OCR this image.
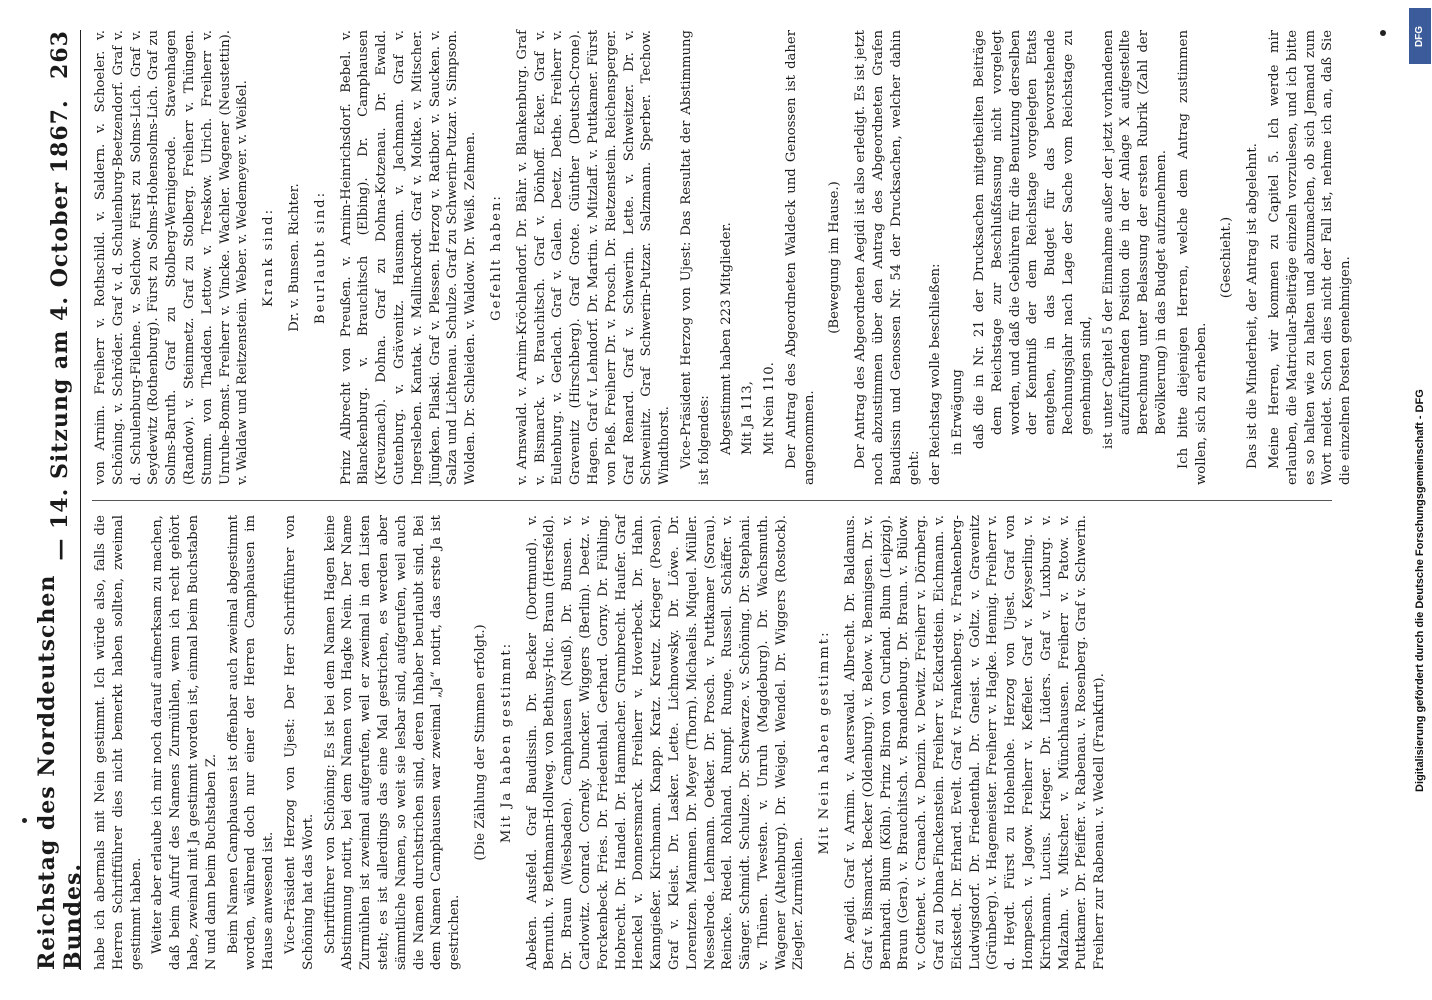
Reichstag des Norddeutschen Bundes.
— 14. Sitzung am 4. October 1867.
263

habe ich abermals mit Nein gestimmt. Ich würde also, falls die Herren Schriftführer dies nicht bemerkt haben sollten, zweimal gestimmt haben. Weiter aber erlaube ich mir noch darauf aufmerksam zu machen, daß beim Aufruf des Namens Zurmühlen, wenn ich recht gehört habe, zweimal mit Ja gestimmt worden ist, einmal beim Buchstaben N und dann beim Buchstaben Z. Beim Namen Camphausen ist offenbar auch zweimal abgestimmt worden, während doch nur einer der Herren Camphausen im Hause anwesend ist. Vice-Präsident Herzog von Ujest: Der Herr Schriftführer von Schöning hat das Wort. Schriftführer von Schöning: Es ist bei dem Namen Hagen keine Abstimmung notirt, bei dem Namen von Hagke Nein. Der Name Zurmühlen ist zweimal aufgerufen, weil er zweimal in den Listen steht; es ist allerdings das eine Mal gestrichen, es werden aber sämmtliche Namen, so weit sie lesbar sind, aufgerufen, weil auch die Namen durchstrichen sind, deren Inhaber beurlaubt sind. Bei dem Namen Camphausen war zweimal „Ja“ notirt, das erste Ja ist gestrichen.

(Die Zählung der Stimmen erfolgt.) Mit Ja haben gestimmt: Abeken. Ausfeld. Graf Baudissin. Dr. Becker (Dortmund). v. Bernuth. v. Bethmann-Hollweg. von Bethusy-Huc. Braun (Hersfeld). Dr. Braun (Wiesbaden). Camphausen (Neuß). Dr. Bunsen. v. Carlowitz. Conrad. Cornely. Duncker. Wiggers (Berlin). Deetz. v. Forckenbeck. Fries. Dr. Friedenthal. Gerhard. Gorny. Dr. Fühling. Hobrecht. Dr. Handel. Dr. Hammacher. Grumbrecht. Haufer. Graf Henckel v. Donnersmarck. Freiherr v. Hoverbeck. Dr. Hahn. Kanngießer. Kirchmann. Knapp. Kratz. Kreutz. Krieger (Posen). Graf v. Kleist. Dr. Lasker. Lette. Lichnowsky. Dr. Löwe. Dr. Lorentzen. Mammen. Dr. Meyer (Thorn). Michaelis. Miquel. Müller. Nesselrode. Lehmann. Oetker. Dr. Prosch. v. Puttkamer (Sorau). Reincke. Riedel. Rohland. Rumpf. Runge. Russell. Schäffer. v. Sänger. Schmidt. Schulze. Dr. Schwarze. v. Schöning. Dr. Stephani. v. Thünen. Twesten. v. Unruh (Magdeburg). Dr. Wachsmuth. Wagener (Altenburg). Dr. Weigel. Wendel. Dr. Wiggers (Rostock). Ziegler. Zurmühlen.

Mit Nein haben gestimmt: Dr. Aegidi. Graf v. Arnim. v. Auerswald. Albrecht. Dr. Baldamus. Graf v. Bismarck. Becker (Oldenburg). v. Below. v. Bennigsen. Dr. v. Bernhardi. Blum (Köln). Prinz Biron von Curland. Blum (Leipzig). Braun (Gera). v. Brauchitsch. v. Brandenburg. Dr. Braun. v. Bülow. v. Cottenet. v. Cranach. v. Denzin. v. Dewitz. Freiherr v. Dörnberg. Graf zu Dohna-Finckenstein. Freiherr v. Eckardstein. Eichmann. v. Eickstedt. Dr. Erhard. Evelt. Graf v. Frankenberg. v. Frankenberg-Ludwigsdorf. Dr. Friedenthal. Dr. Gneist. v. Goltz. v. Gravenitz (Grünberg). v. Hagemeister. Freiherr v. Hagke. Hennig. Freiherr v. d. Heydt. Fürst zu Hohenlohe. Herzog von Ujest. Graf von Hompesch. v. Jagow. Freiherr v. Keffeler. Graf v. Keyserling. v. Kirchmann. Lucius. Krieger. Dr. Lüders. Graf v. Luxburg. v. Malzahn. v. Mitscher. v. Münchhausen. Freiherr v. Patow. v. Puttkamer. Dr. Pfeiffer. v. Rabenau. v. Rosenberg. Graf v. Schwerin. Freiherr zur Rabenau. v. Wedell (Frankfurt).

von Arnim. Freiherr v. Rothschild. v. Saldern. v. Schoeler. v. Schöning. v. Schröder. Graf v. d. Schulenburg-Beetzendorf. Graf v. d. Schulenburg-Filehne. v. Selchow. Fürst zu Solms-Lich. Graf v. Seydewitz (Rothenburg). Fürst zu Solms-Hohensolms-Lich. Graf zu Solms-Baruth. Graf zu Stolberg-Wernigerode. Stavenhagen (Randow). v. Steinmetz. Graf zu Stolberg. Freiherr v. Thüngen. Stumm. von Thadden. Lettow. v. Treskow. Ulrich. Freiherr v. Unruhe-Bomst. Freiherr v. Vincke. Wachler. Wagener (Neustettin). v. Waldaw und Reitzenstein. Weber. v. Wedemeyer. v. Weißel. Krank sind: Dr. v. Bunsen. Richter. Beurlaubt sind: Prinz Albrecht von Preußen. v. Arnim-Heinrichsdorf. Bebel. v. Blanckenburg. v. Brauchitsch (Elbing). Dr. Camphausen (Kreuznach). Dohna. Graf zu Dohna-Kotzenau. Dr. Ewald. Gutenburg. v. Grävenitz. Hausmann. v. Jachmann. Graf v. Ingersleben. Kantak. v. Mallinckrodt. Graf v. Moltke. v. Mitscher. Jüngken. Pilaski. Graf v. Plessen. Herzog v. Ratibor. v. Saucken. v. Salza und Lichtenau. Schulze. Graf zu Schwerin-Putzar. v. Simpson. Wolden. Dr. Schleiden. v. Waldow. Dr. Weiß. Zehmen. Gefehlt haben: v. Arnswald. v. Arnim-Kröchlendorf. Dr. Bähr. v. Blankenburg. Graf v. Bismarck. v. Brauchitsch. Graf v. Dönhoff. Ecker. Graf v. Eulenburg. v. Gerlach. Graf v. Galen. Deetz. Dethe. Freiherr v. Gravenitz (Hirschberg). Graf Grote. Günther (Deutsch-Crone). Hagen. Graf v. Lehndorf. Dr. Martin. v. Mitzlaff. v. Puttkamer. Fürst von Pleß. Freiherr Dr. v. Prosch. Dr. Rietzenstein. Reichensperger. Graf Renard. Graf v. Schwerin. Lette. v. Schweitzer. Dr. v. Schweinitz. Graf Schwerin-Putzar. Salzmann. Sperber. Techow. Windthorst. Vice-Präsident Herzog von Ujest: Das Resultat der Abstimmung ist folgendes: Abgestimmt haben 223 Mitglieder. Mit Ja 113, Mit Nein 110. Der Antrag des Abgeordneten Waldeck und Genossen ist daher angenommen.

(Bewegung im Hause.) Der Antrag des Abgeordneten Aegidi ist also erledigt. Es ist jetzt noch abzustimmen über den Antrag des Abgeordneten Grafen Baudissin und Genossen Nr. 54 der Drucksachen, welcher dahin geht: der Reichstag wolle beschließen: in Erwägung daß die in Nr. 21 der Drucksachen mitgetheilten Beiträge dem Reichstage zur Beschlußfassung nicht vorgelegt worden, und daß die Gebühren für die Benutzung derselben der Kenntniß der dem Reichstage vorgelegten Etats entgehen, in das Budget für das bevorstehende Rechnungsjahr nach Lage der Sache vom Reichstage zu genehmigen sind, ist unter Capitel 5 der Einnahme außer der jetzt vorhandenen aufzuführenden Position die in der Anlage X aufgestellte Berechnung unter Belassung der ersten Rubrik (Zahl der Bevölkerung) in das Budget aufzunehmen. Ich bitte diejenigen Herren, welche dem Antrag zustimmen wollen, sich zu erheben.

(Geschieht.) Das ist die Minderheit, der Antrag ist abgelehnt. Meine Herren, wir kommen zu Capitel 5. Ich werde mir erlauben, die Matricular-Beiträge einzeln vorzulesen, und ich bitte es so halten wie zu halten und abzumachen, ob sich Jemand zum Wort meldet. Schon dies nicht der Fall ist, nehme ich an, daß Sie die einzelnen Posten genehmigen.

DFG
Digitalisierung gefördert durch die Deutsche Forschungsgemeinschaft - DFG
